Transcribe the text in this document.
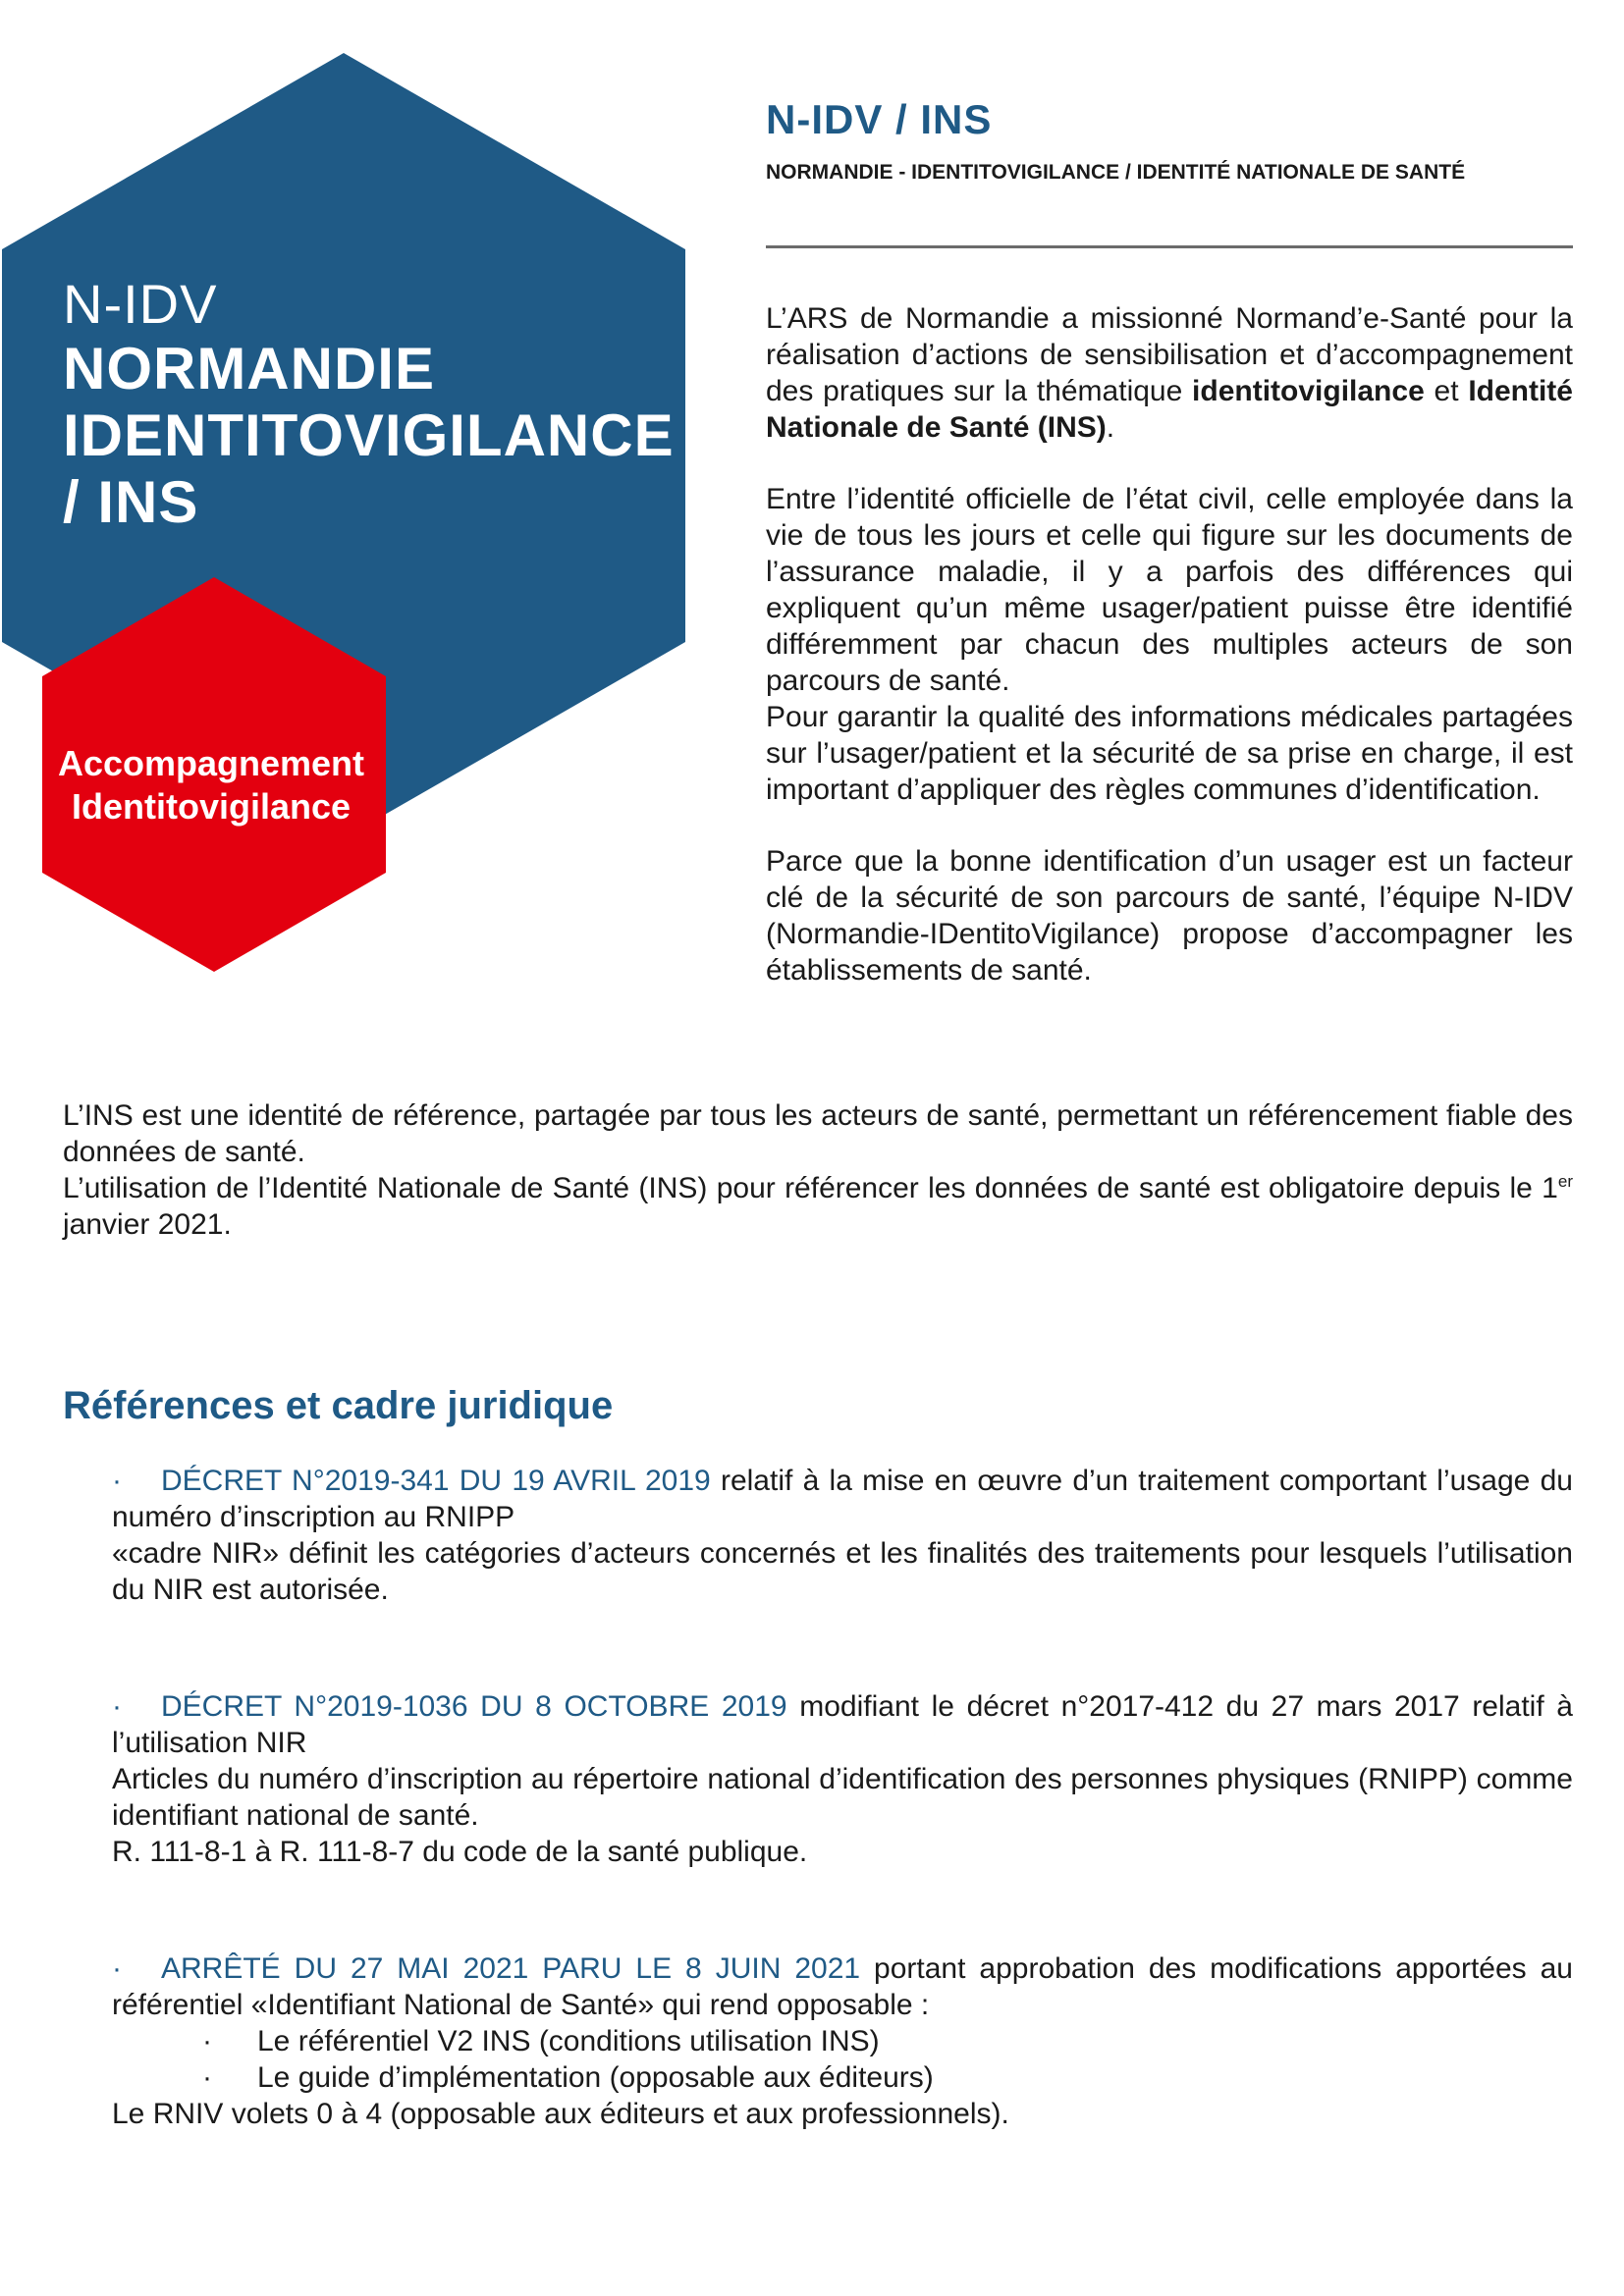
N-IDV
NORMANDIE
IDENTITOVIGILANCE
/ INS
Accompagnement
Identitovigilance
N-IDV / INS
NORMANDIE - IDENTITOVIGILANCE / IDENTITÉ NATIONALE DE SANTÉ

L’ARS de Normandie a missionné Normand’e-Santé pour la réalisation d’actions de sensibilisation et d’accompagnement des pratiques sur la thématique identitovigilance et Identité Nationale de Santé (INS).

Entre l’identité officielle de l’état civil, celle employée dans la vie de tous les jours et celle qui figure sur les documents de l’assurance maladie, il y a parfois des différences qui expliquent qu’un même usager/patient puisse être identifié différemment par chacun des multiples acteurs de son parcours de santé.

Pour garantir la qualité des informations médicales partagées sur l’usager/patient et la sécurité de sa prise en charge, il est important d’appliquer des règles communes d’identification.

Parce que la bonne identification d’un usager est un facteur clé de la sécurité de son parcours de santé, l’équipe N-IDV (Normandie-IDentitoVigilance) propose d’accompagner les établissements de santé.

L’INS est une identité de référence, partagée par tous les acteurs de santé, permettant un référencement fiable des données de santé.

L’utilisation de l’Identité Nationale de Santé (INS) pour référencer les données de santé est obligatoire depuis le 1er janvier 2021.

Références et cadre juridique

· DÉCRET N°2019-341 DU 19 AVRIL 2019 relatif à la mise en œuvre d’un traitement comportant l’usage du numéro d’inscription au RNIPP

«cadre NIR» définit les catégories d’acteurs concernés et les finalités des traitements pour lesquels l’utilisation du NIR est autorisée.

· DÉCRET N°2019-1036 DU 8 OCTOBRE 2019 modifiant le décret n°2017-412 du 27 mars 2017 relatif à l’utilisation NIR

Articles du numéro d’inscription au répertoire national d’identification des personnes physiques (RNIPP) comme identifiant national de santé.

R. 111-8-1 à R. 111-8-7 du code de la santé publique.

· ARRÊTÉ DU 27 MAI 2021 PARU LE 8 JUIN 2021 portant approbation des modifications apportées au référentiel «Identifiant National de Santé» qui rend opposable :

· Le référentiel V2 INS (conditions utilisation INS)
· Le guide d’implémentation (opposable aux éditeurs)

Le RNIV volets 0 à 4 (opposable aux éditeurs et aux professionnels).
